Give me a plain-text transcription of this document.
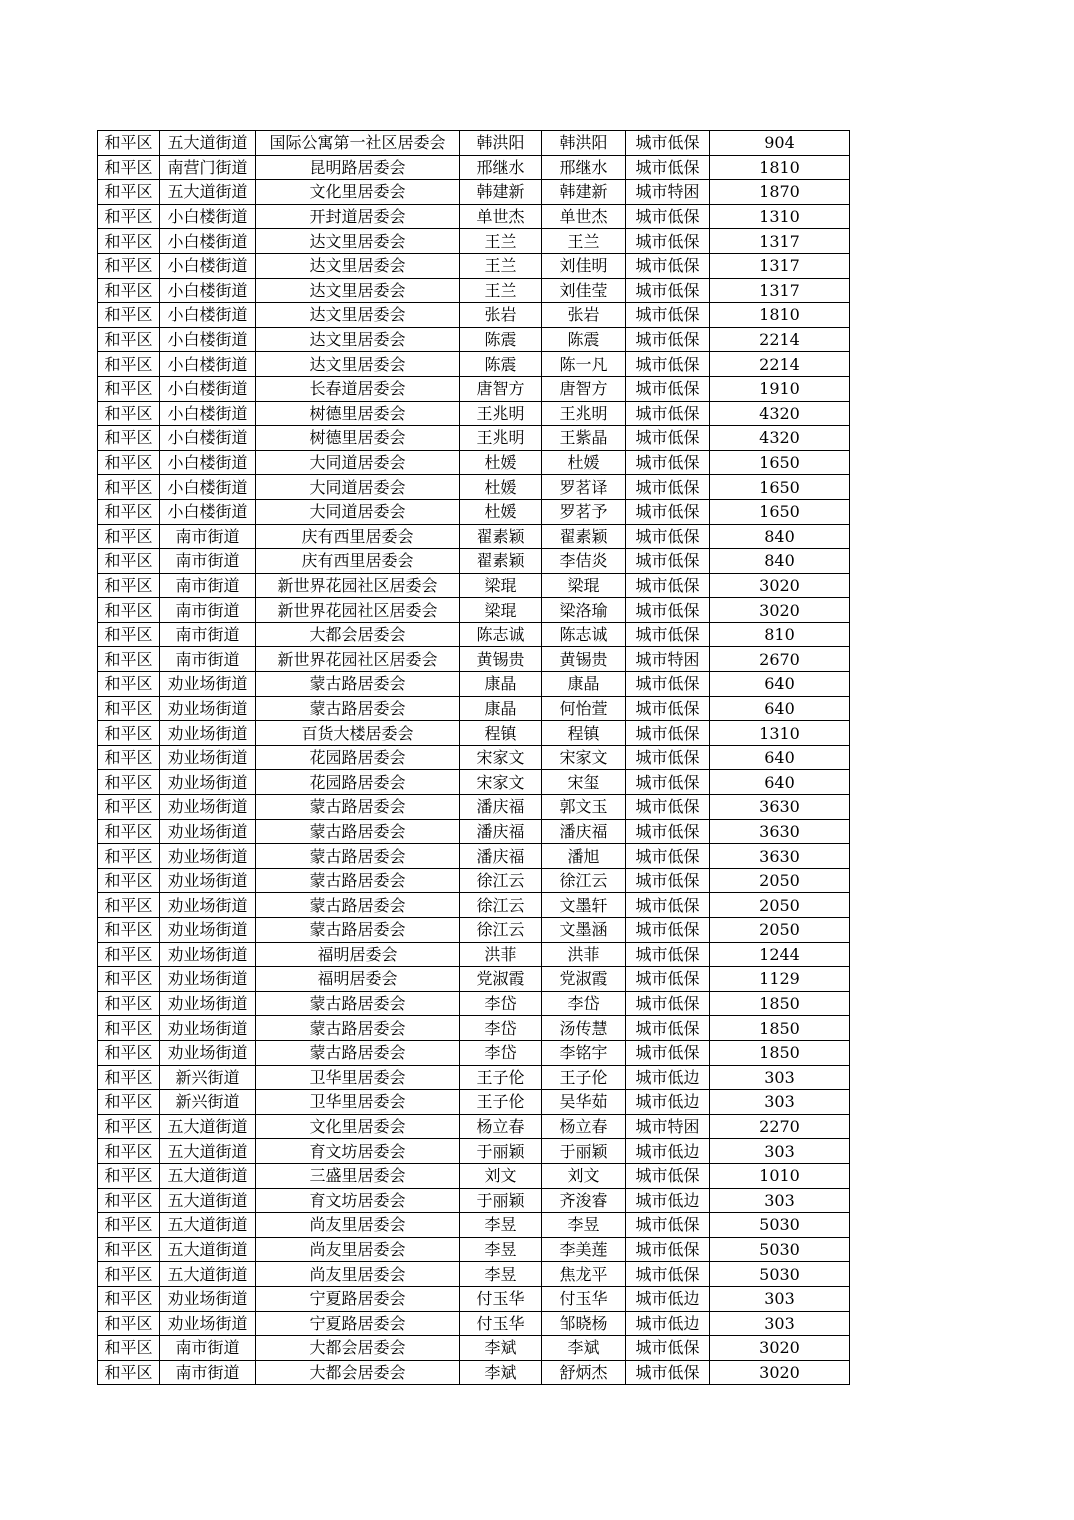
和平区	五大道街道	国际公寓第一社区居委会	韩洪阳	韩洪阳	城市低保	904
和平区	南营门街道	昆明路居委会	邢继水	邢继水	城市低保	1810
和平区	五大道街道	文化里居委会	韩建新	韩建新	城市特困	1870
和平区	小白楼街道	开封道居委会	单世杰	单世杰	城市低保	1310
和平区	小白楼街道	达文里居委会	王兰	王兰	城市低保	1317
和平区	小白楼街道	达文里居委会	王兰	刘佳明	城市低保	1317
和平区	小白楼街道	达文里居委会	王兰	刘佳莹	城市低保	1317
和平区	小白楼街道	达文里居委会	张岩	张岩	城市低保	1810
和平区	小白楼街道	达文里居委会	陈震	陈震	城市低保	2214
和平区	小白楼街道	达文里居委会	陈震	陈一凡	城市低保	2214
和平区	小白楼街道	长春道居委会	唐智方	唐智方	城市低保	1910
和平区	小白楼街道	树德里居委会	王兆明	王兆明	城市低保	4320
和平区	小白楼街道	树德里居委会	王兆明	王紫晶	城市低保	4320
和平区	小白楼街道	大同道居委会	杜媛	杜媛	城市低保	1650
和平区	小白楼街道	大同道居委会	杜媛	罗茗译	城市低保	1650
和平区	小白楼街道	大同道居委会	杜媛	罗茗予	城市低保	1650
和平区	南市街道	庆有西里居委会	翟素颖	翟素颖	城市低保	840
和平区	南市街道	庆有西里居委会	翟素颖	李佶炎	城市低保	840
和平区	南市街道	新世界花园社区居委会	梁琨	梁琨	城市低保	3020
和平区	南市街道	新世界花园社区居委会	梁琨	梁洛瑜	城市低保	3020
和平区	南市街道	大都会居委会	陈志诚	陈志诚	城市低保	810
和平区	南市街道	新世界花园社区居委会	黄锡贵	黄锡贵	城市特困	2670
和平区	劝业场街道	蒙古路居委会	康晶	康晶	城市低保	640
和平区	劝业场街道	蒙古路居委会	康晶	何怡萱	城市低保	640
和平区	劝业场街道	百货大楼居委会	程镇	程镇	城市低保	1310
和平区	劝业场街道	花园路居委会	宋家文	宋家文	城市低保	640
和平区	劝业场街道	花园路居委会	宋家文	宋玺	城市低保	640
和平区	劝业场街道	蒙古路居委会	潘庆福	郭文玉	城市低保	3630
和平区	劝业场街道	蒙古路居委会	潘庆福	潘庆福	城市低保	3630
和平区	劝业场街道	蒙古路居委会	潘庆福	潘旭	城市低保	3630
和平区	劝业场街道	蒙古路居委会	徐江云	徐江云	城市低保	2050
和平区	劝业场街道	蒙古路居委会	徐江云	文墨轩	城市低保	2050
和平区	劝业场街道	蒙古路居委会	徐江云	文墨涵	城市低保	2050
和平区	劝业场街道	福明居委会	洪菲	洪菲	城市低保	1244
和平区	劝业场街道	福明居委会	党淑霞	党淑霞	城市低保	1129
和平区	劝业场街道	蒙古路居委会	李岱	李岱	城市低保	1850
和平区	劝业场街道	蒙古路居委会	李岱	汤传慧	城市低保	1850
和平区	劝业场街道	蒙古路居委会	李岱	李铭宇	城市低保	1850
和平区	新兴街道	卫华里居委会	王子伦	王子伦	城市低边	303
和平区	新兴街道	卫华里居委会	王子伦	吴华茹	城市低边	303
和平区	五大道街道	文化里居委会	杨立春	杨立春	城市特困	2270
和平区	五大道街道	育文坊居委会	于丽颖	于丽颖	城市低边	303
和平区	五大道街道	三盛里居委会	刘文	刘文	城市低保	1010
和平区	五大道街道	育文坊居委会	于丽颖	齐浚睿	城市低边	303
和平区	五大道街道	尚友里居委会	李昱	李昱	城市低保	5030
和平区	五大道街道	尚友里居委会	李昱	李美莲	城市低保	5030
和平区	五大道街道	尚友里居委会	李昱	焦龙平	城市低保	5030
和平区	劝业场街道	宁夏路居委会	付玉华	付玉华	城市低边	303
和平区	劝业场街道	宁夏路居委会	付玉华	邹晓杨	城市低边	303
和平区	南市街道	大都会居委会	李斌	李斌	城市低保	3020
和平区	南市街道	大都会居委会	李斌	舒炳杰	城市低保	3020
